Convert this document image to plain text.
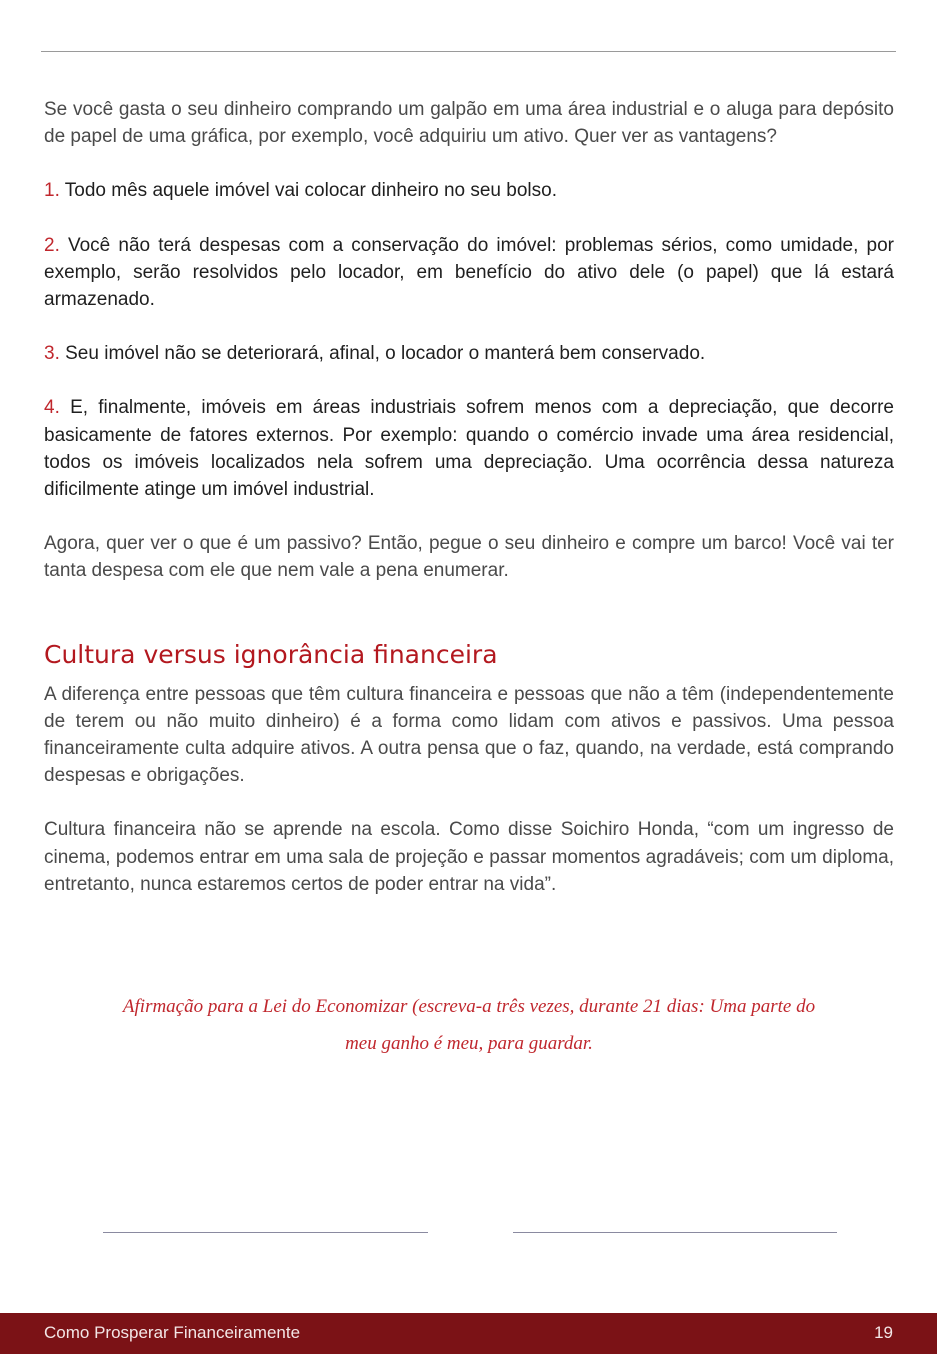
Se você gasta o seu dinheiro comprando um galpão em uma área industrial e o aluga para depósito de papel de uma gráfica, por exemplo, você adquiriu um ativo. Quer ver as vantagens?

1. Todo mês aquele imóvel vai colocar dinheiro no seu bolso.

2. Você não terá despesas com a conservação do imóvel: problemas sérios, como umidade, por exemplo, serão resolvidos pelo locador, em benefício do ativo dele (o papel) que lá estará armazenado.

3. Seu imóvel não se deteriorará, afinal, o locador o manterá bem conservado.

4. E, finalmente, imóveis em áreas industriais sofrem menos com a depreciação, que decorre basicamente de fatores externos. Por exemplo: quando o comércio invade uma área residencial, todos os imóveis localizados nela sofrem uma depreciação. Uma ocorrência dessa natureza dificilmente atinge um imóvel industrial.

Agora, quer ver o que é um passivo? Então, pegue o seu dinheiro e compre um barco! Você vai ter tanta despesa com ele que nem vale a pena enumerar.

Cultura versus ignorância financeira

A diferença entre pessoas que têm cultura financeira e pessoas que não a têm (independentemente de terem ou não muito dinheiro) é a forma como lidam com ativos e passivos. Uma pessoa financeiramente culta adquire ativos. A outra pensa que o faz, quando, na verdade, está comprando despesas e obrigações.

Cultura financeira não se aprende na escola. Como disse Soichiro Honda, “com um ingresso de cinema, podemos entrar em uma sala de projeção e passar momentos agradáveis; com um diploma, entretanto, nunca estaremos certos de poder entrar na vida”.

Afirmação para a Lei do Economizar (escreva-a três vezes, durante 21 dias: Uma parte do
meu ganho é meu, para guardar.
Como Prosperar Financeiramente	19
